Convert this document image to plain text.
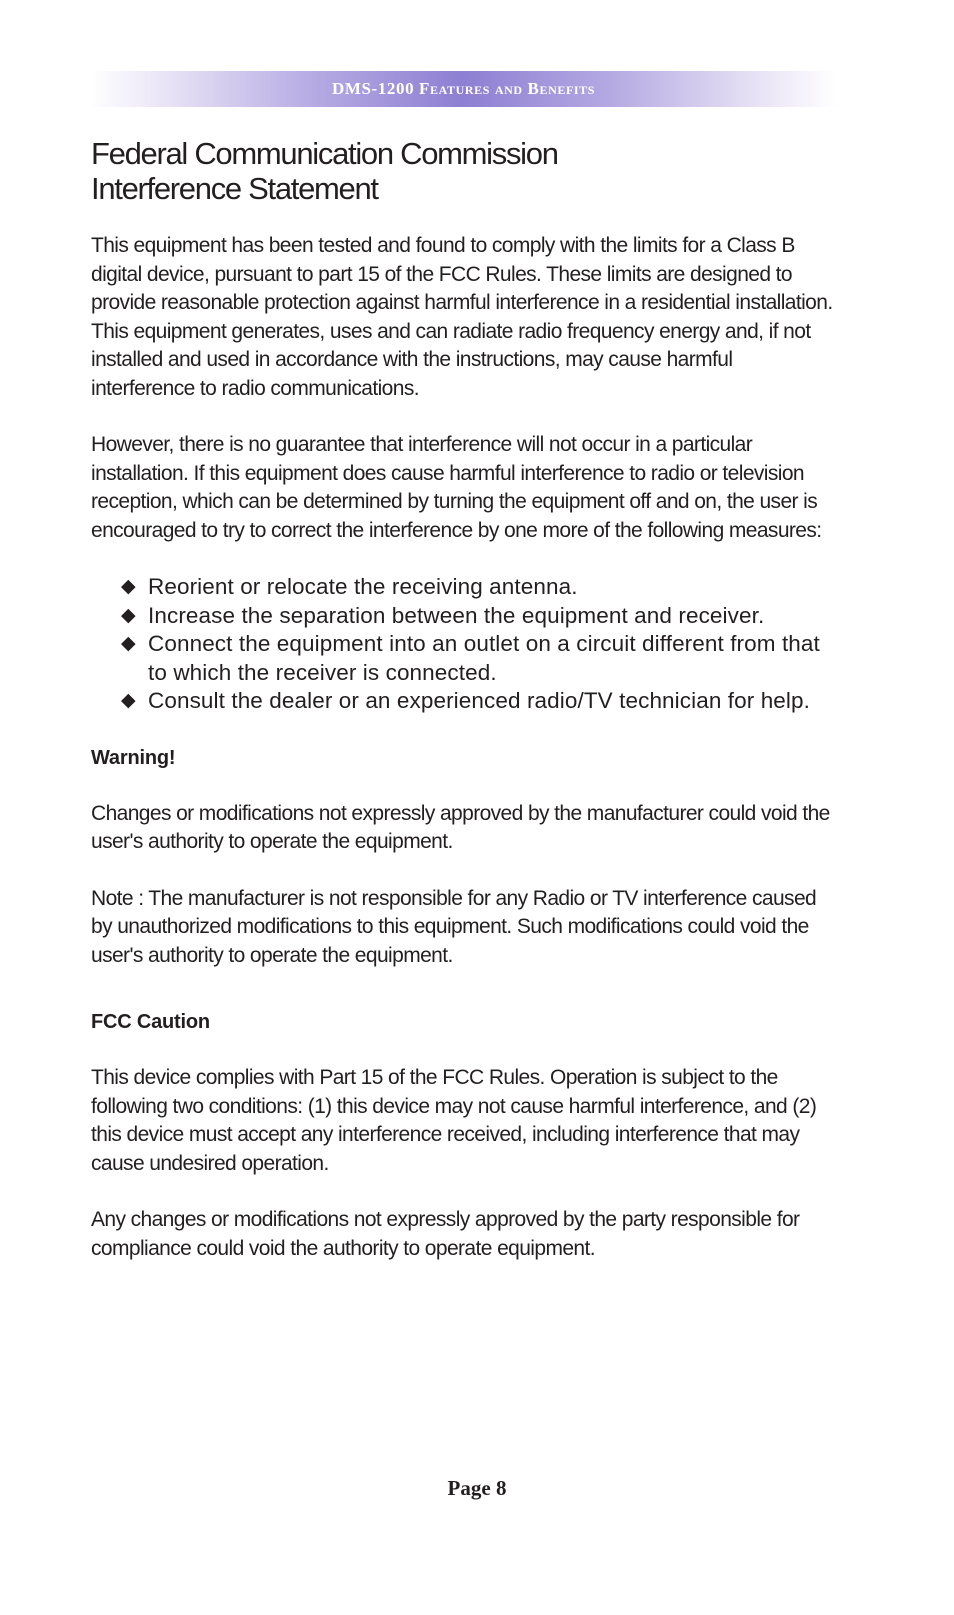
DMS-1200 Features and Benefits
Federal Communication Commission
Interference Statement

This equipment has been tested and found to comply with the limits for a Class B digital device, pursuant to part 15 of the FCC Rules. These limits are designed to provide reasonable protection against harmful interference in a residential installation. This equipment generates, uses and can radiate radio frequency energy and, if not installed and used in accordance with the instructions, may cause harmful interference to radio communications.

However, there is no guarantee that interference will not occur in a particular installation. If this equipment does cause harmful interference to radio or television reception, which can be determined by turning the equipment off and on, the user is encouraged to try to correct the interference by one more of the following measures:

◆ Reorient or relocate the receiving antenna.
◆ Increase the separation between the equipment and receiver.
◆ Connect the equipment into an outlet on a circuit different from that to which the receiver is connected.
◆ Consult the dealer or an experienced radio/TV technician for help.
Warning!

Changes or modifications not expressly approved by the manufacturer could void the user's authority to operate the equipment.

Note : The manufacturer is not responsible for any Radio or TV interference caused by unauthorized modifications to this equipment. Such modifications could void the user's authority to operate the equipment.

FCC Caution

This device complies with Part 15 of the FCC Rules. Operation is subject to the following two conditions: (1) this device may not cause harmful interference, and (2) this device must accept any interference received, including interference that may cause undesired operation.

Any changes or modifications not expressly approved by the party responsible for compliance could void the authority to operate equipment.

Page 8
